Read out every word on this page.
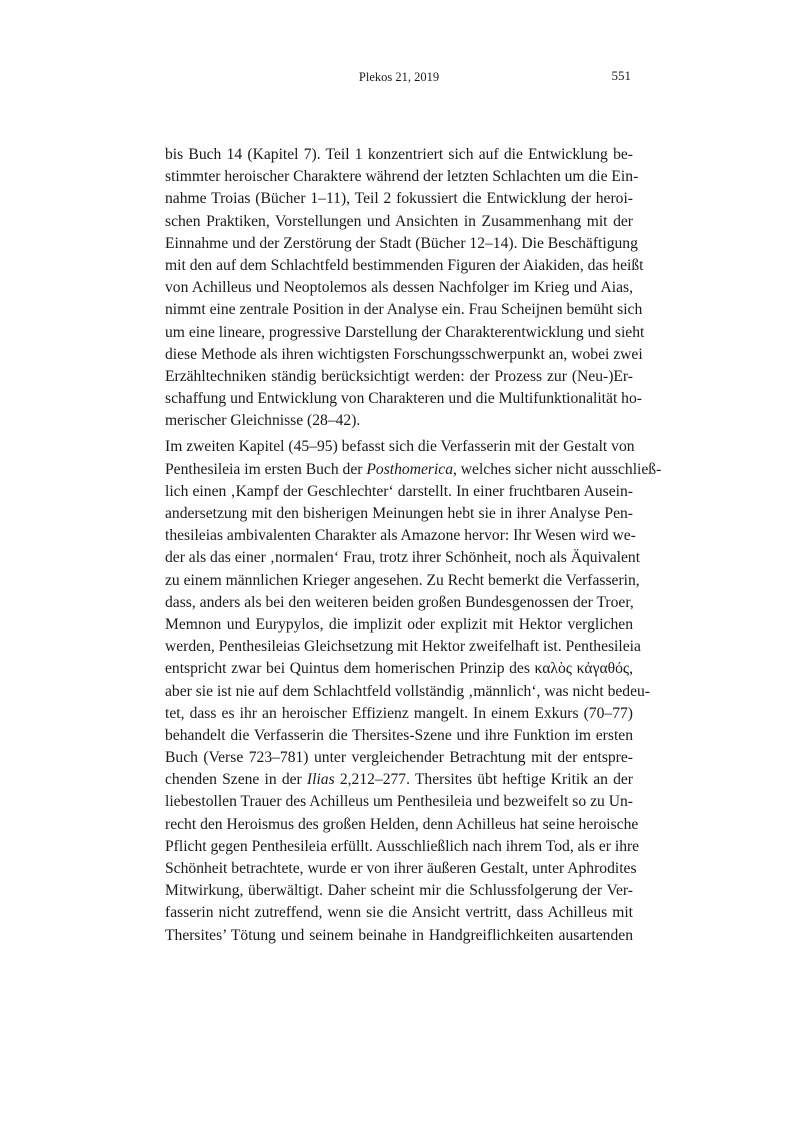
Plekos 21, 2019	551
bis Buch 14 (Kapitel 7). Teil 1 konzentriert sich auf die Entwicklung be-
stimmter heroischer Charaktere während der letzten Schlachten um die Ein-
nahme Troias (Bücher 1–11), Teil 2 fokussiert die Entwicklung der heroi-
schen Praktiken, Vorstellungen und Ansichten in Zusammenhang mit der
Einnahme und der Zerstörung der Stadt (Bücher 12–14). Die Beschäftigung
mit den auf dem Schlachtfeld bestimmenden Figuren der Aiakiden, das heißt
von Achilleus und Neoptolemos als dessen Nachfolger im Krieg und Aias,
nimmt eine zentrale Position in der Analyse ein. Frau Scheijnen bemüht sich
um eine lineare, progressive Darstellung der Charakterentwicklung und sieht
diese Methode als ihren wichtigsten Forschungsschwerpunkt an, wobei zwei
Erzähltechniken ständig berücksichtigt werden: der Prozess zur (Neu-)Er-
schaffung und Entwicklung von Charakteren und die Multifunktionalität ho-
merischer Gleichnisse (28–42).
Im zweiten Kapitel (45–95) befasst sich die Verfasserin mit der Gestalt von
Penthesileia im ersten Buch der Posthomerica, welches sicher nicht ausschließ-
lich einen ‚Kampf der Geschlechter‘ darstellt. In einer fruchtbaren Ausein-
andersetzung mit den bisherigen Meinungen hebt sie in ihrer Analyse Pen-
thesileias ambivalenten Charakter als Amazone hervor: Ihr Wesen wird we-
der als das einer ‚normalen‘ Frau, trotz ihrer Schönheit, noch als Äquivalent
zu einem männlichen Krieger angesehen. Zu Recht bemerkt die Verfasserin,
dass, anders als bei den weiteren beiden großen Bundesgenossen der Troer,
Memnon und Eurypylos, die implizit oder explizit mit Hektor verglichen
werden, Penthesileias Gleichsetzung mit Hektor zweifelhaft ist. Penthesileia
entspricht zwar bei Quintus dem homerischen Prinzip des καλὸς κἀγαθός,
aber sie ist nie auf dem Schlachtfeld vollständig ‚männlich‘, was nicht bedeu-
tet, dass es ihr an heroischer Effizienz mangelt. In einem Exkurs (70–77)
behandelt die Verfasserin die Thersites-Szene und ihre Funktion im ersten
Buch (Verse 723–781) unter vergleichender Betrachtung mit der entspre-
chenden Szene in der Ilias 2,212–277. Thersites übt heftige Kritik an der
liebestollen Trauer des Achilleus um Penthesileia und bezweifelt so zu Un-
recht den Heroismus des großen Helden, denn Achilleus hat seine heroische
Pflicht gegen Penthesileia erfüllt. Ausschließlich nach ihrem Tod, als er ihre
Schönheit betrachtete, wurde er von ihrer äußeren Gestalt, unter Aphrodites
Mitwirkung, überwältigt. Daher scheint mir die Schlussfolgerung der Ver-
fasserin nicht zutreffend, wenn sie die Ansicht vertritt, dass Achilleus mit
Thersites’ Tötung und seinem beinahe in Handgreiflichkeiten ausartenden
